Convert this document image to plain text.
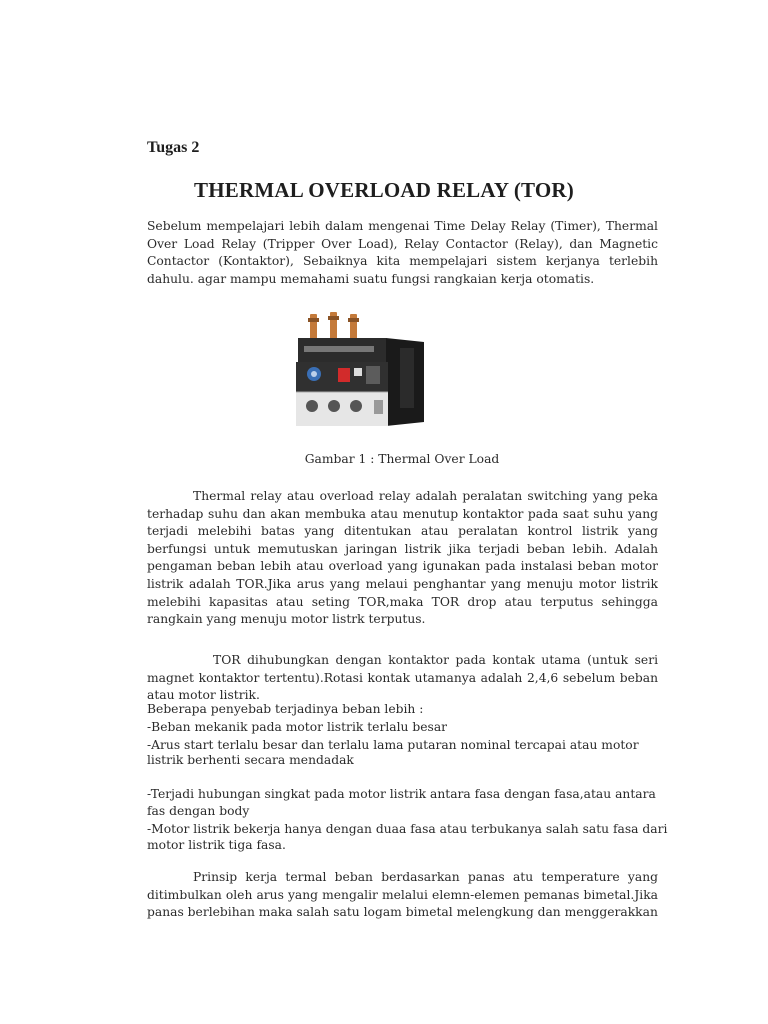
Tugas 2
THERMAL OVERLOAD RELAY (TOR)

Sebelum mempelajari lebih dalam mengenai Time Delay Relay (Timer), Thermal Over Load Relay (Tripper Over Load), Relay Contactor (Relay), dan Magnetic Contactor (Kontaktor), Sebaiknya kita mempelajari sistem kerjanya terlebih dahulu. agar mampu memahami suatu fungsi rangkaian kerja otomatis.

Gambar 1 : Thermal Over Load

Thermal relay atau overload relay adalah peralatan switching yang peka terhadap suhu dan akan membuka atau menutup kontaktor pada saat suhu yang terjadi melebihi batas yang ditentukan atau peralatan kontrol listrik yang berfungsi untuk memutuskan jaringan listrik jika terjadi beban lebih. Adalah pengaman beban lebih atau overload yang igunakan pada instalasi beban motor listrik adalah TOR.Jika arus yang melaui penghantar yang menuju motor listrik melebihi kapasitas atau seting TOR,maka TOR drop atau terputus sehingga rangkain yang menuju motor listrk terputus.

TOR dihubungkan dengan kontaktor pada kontak utama (untuk seri magnet kontaktor tertentu).Rotasi kontak utamanya adalah 2,4,6 sebelum beban atau motor listrik.

Beberapa penyebab terjadinya beban lebih :

-Beban mekanik pada motor listrik terlalu besar

-Arus start terlalu besar dan terlalu lama putaran nominal tercapai atau motor

listrik berhenti secara mendadak

-Terjadi hubungan singkat pada motor listrik antara fasa dengan fasa,atau antara

fas dengan body

-Motor listrik bekerja hanya dengan duaa fasa atau terbukanya salah satu fasa dari

motor listrik tiga fasa.

Prinsip kerja termal beban berdasarkan panas atu temperature yang ditimbulkan oleh arus yang mengalir melalui elemn-elemen pemanas bimetal.Jika panas berlebihan maka salah satu logam bimetal melengkung dan menggerakkan
